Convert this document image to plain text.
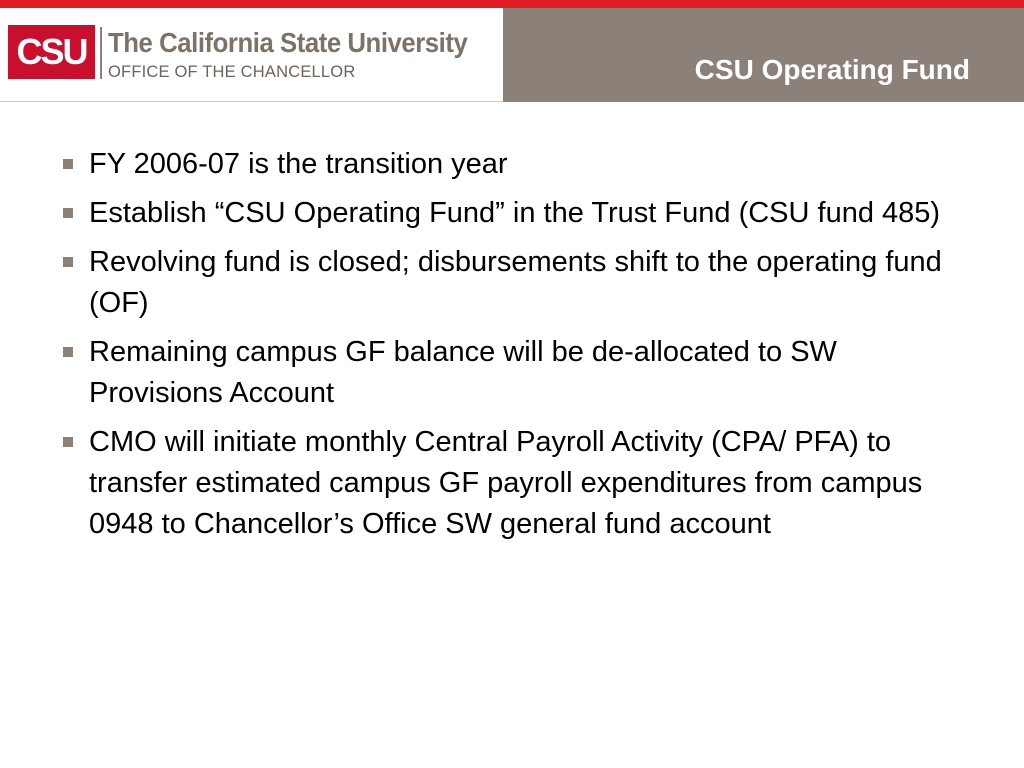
CSU The California State University
OFFICE OF THE CHANCELLOR	CSU Operating Fund
FY 2006-07 is the transition year
Establish “CSU Operating Fund” in the Trust Fund (CSU fund 485)
Revolving fund is closed; disbursements shift to the operating fund (OF)
Remaining campus GF balance will be de-allocated to SW Provisions Account
CMO will initiate monthly Central Payroll Activity (CPA/ PFA) to transfer estimated campus GF payroll expenditures from campus 0948 to Chancellor’s Office SW general fund account
